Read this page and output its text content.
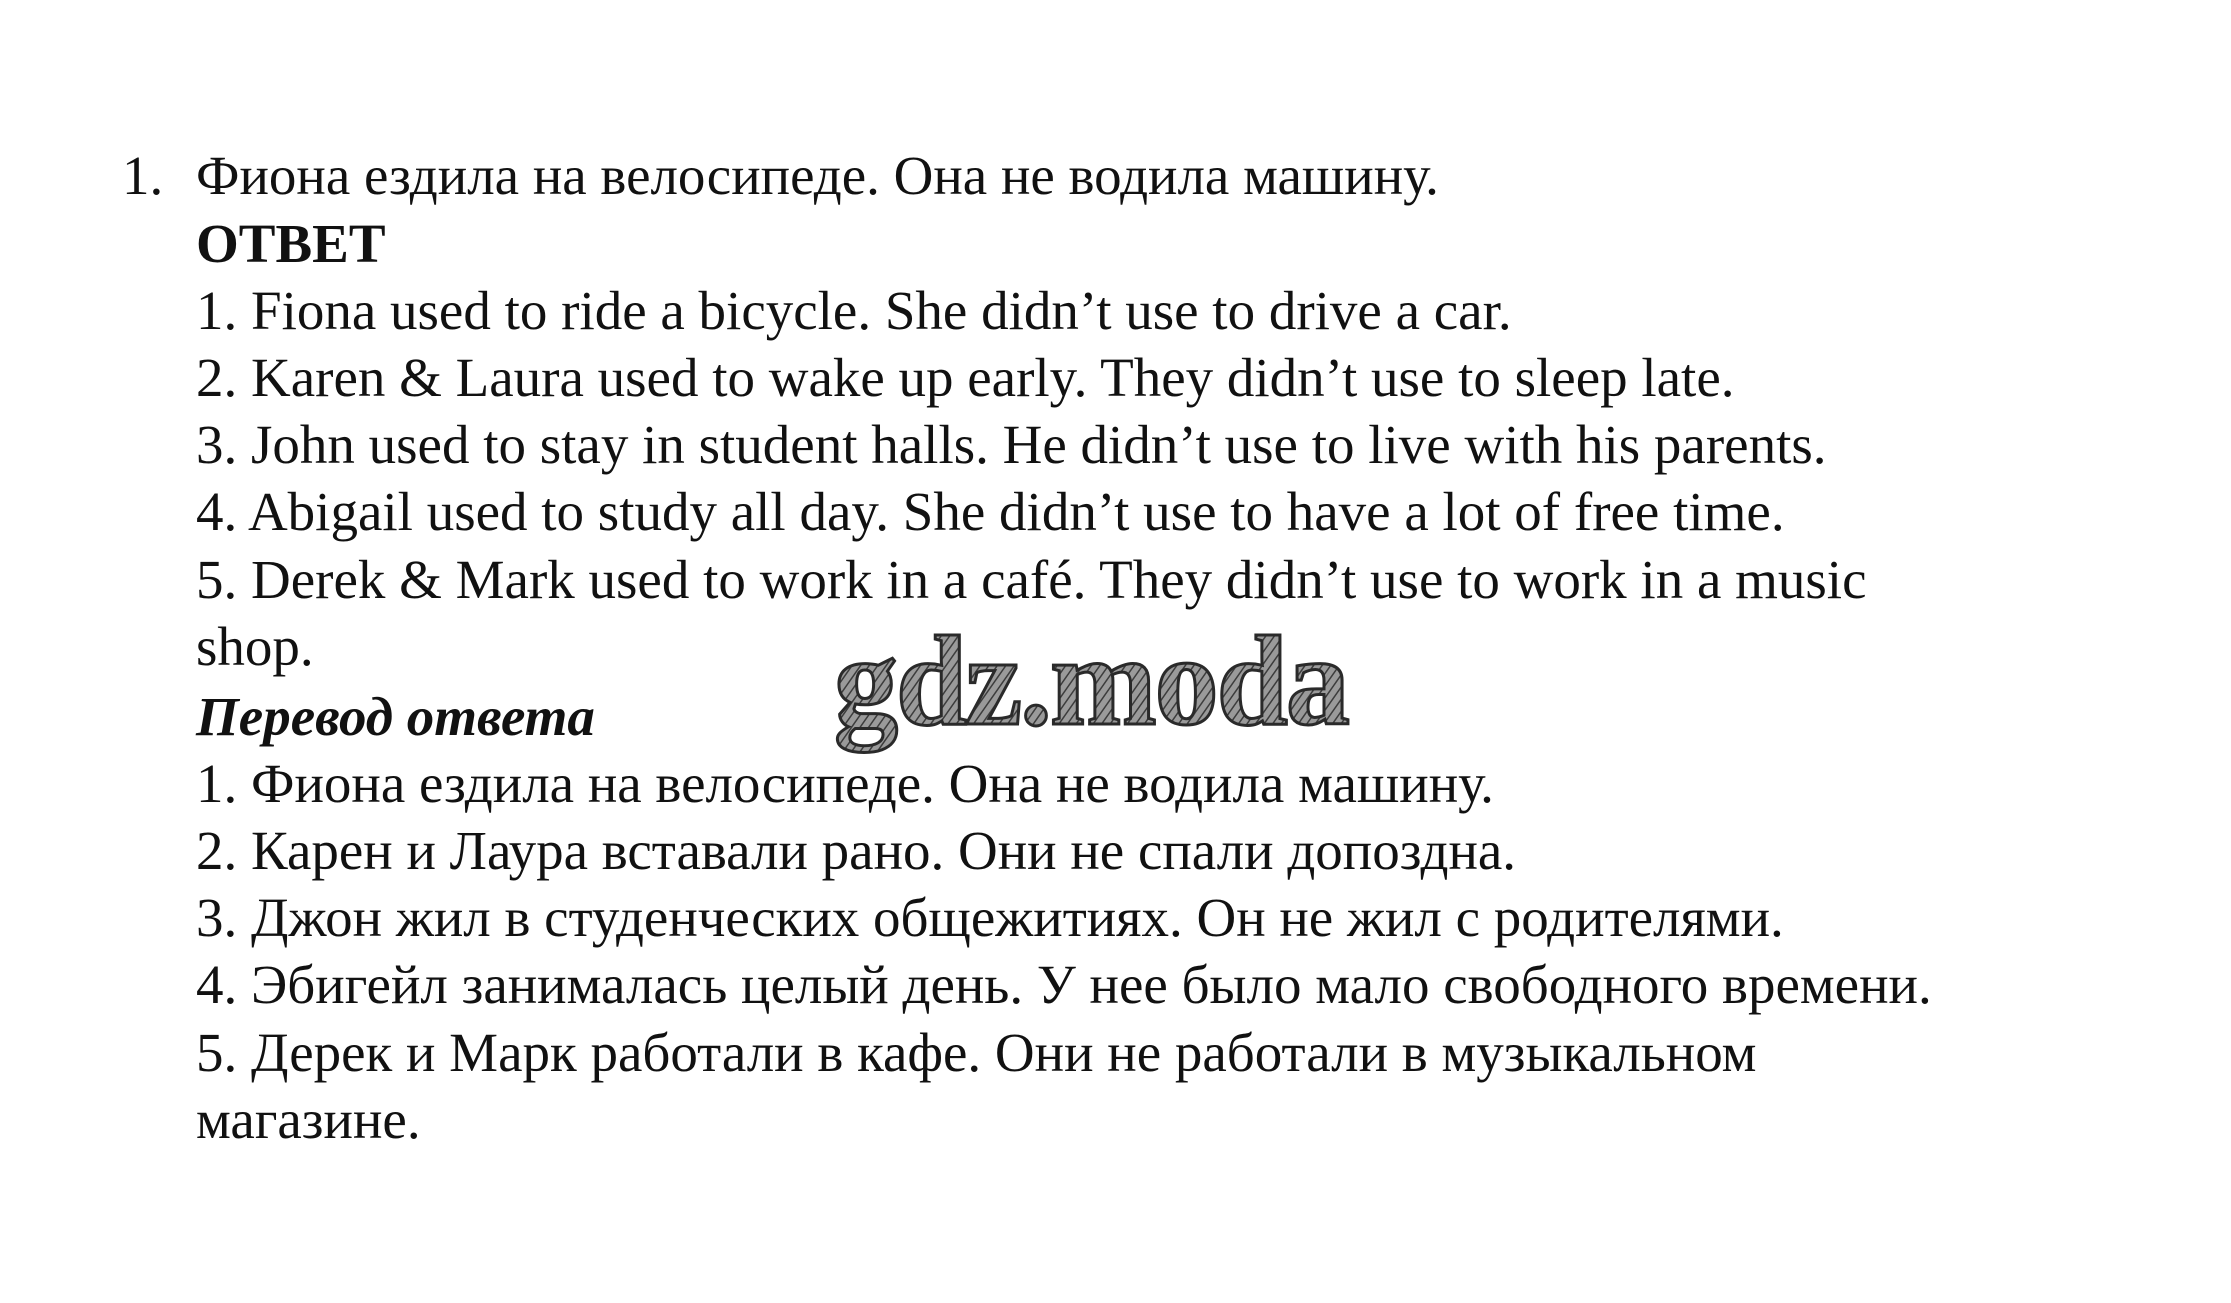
1. Фиона ездила на велосипеде. Она не водила машину.
ОТВЕТ
1. Fiona used to ride a bicycle. She didn’t use to drive a car.
2. Karen & Laura used to wake up early. They didn’t use to sleep late.
3. John used to stay in student halls. He didn’t use to live with his parents.
4. Abigail used to study all day. She didn’t use to have a lot of free time.
5. Derek & Mark used to work in a café. They didn’t use to work in a music
shop.
Перевод ответа
1. Фиона ездила на велосипеде. Она не водила машину.
2. Карен и Лаура вставали рано. Они не спали допоздна.
3. Джон жил в студенческих общежитиях. Он не жил с родителями.
4. Эбигейл занималась целый день. У нее было мало свободного времени.
5. Дерек и Марк работали в кафе. Они не работали в музыкальном
магазине.
gdz.moda
